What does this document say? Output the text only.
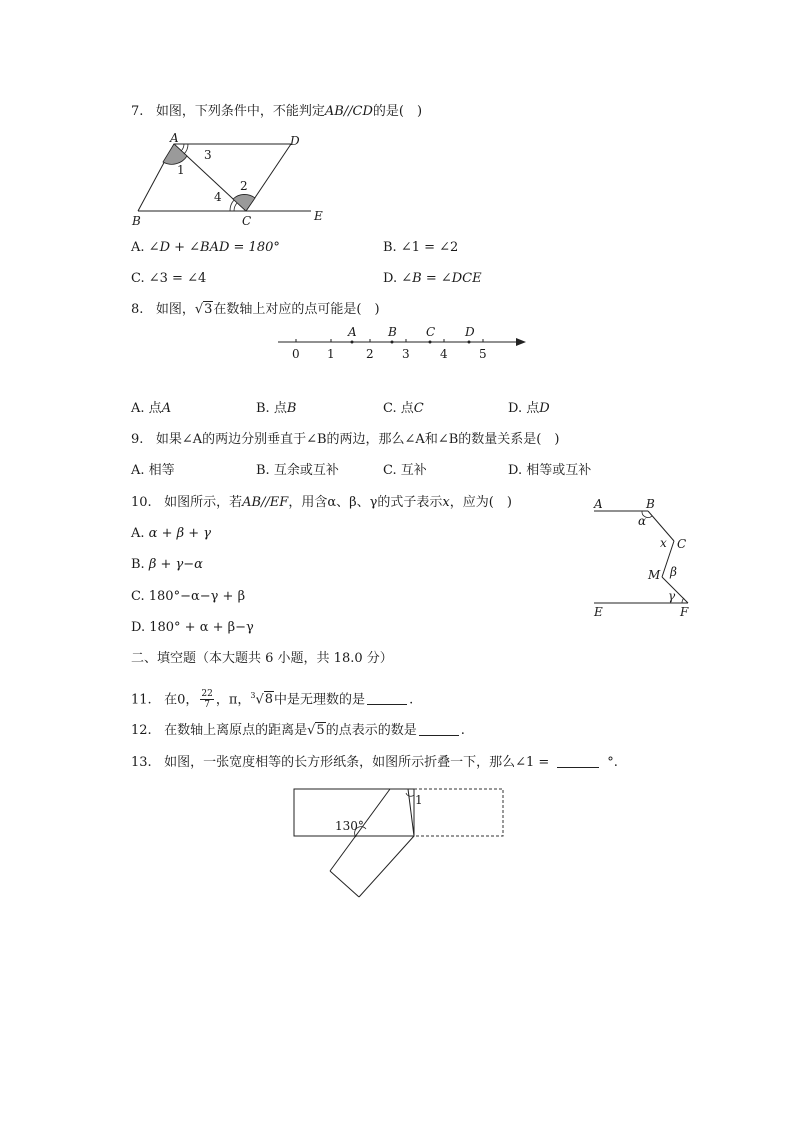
7. 如图，下列条件中，不能判定AB//CD的是(　)
A	D
B	C	E
1
3
2
4
A. ∠D + ∠BAD = 180°	B. ∠1 = ∠2
C. ∠3 = ∠4	D. ∠B = ∠DCE
8. 如图，√3在数轴上对应的点可能是(　)
0 1	2 3	4	5
A	B C D
A. 点A	B. 点B	C. 点C	D. 点D
9. 如果∠A的两边分别垂直于∠B的两边，那么∠A和∠B的数量关系是(　)
A. 相等	B. 互余或互补	C. 互补	D. 相等或互补
10. 如图所示，若AB//EF，用含α、β、γ的式子表示x，应为(　)
A. α + β + γ
B. β + γ−α
C. 180°−α−γ + β
D. 180° + α + β−γ
A	B
α
x C
M β
γ
E	F
二、填空题（本大题共 6 小题，共 18.0 分）
11. 在0， $\frac{22}{7}$ ，π，$^3$√8中是无理数的是	.
12. 在数轴上离原点的距离是√5的点表示的数是	.
13. 如图，一张宽度相等的长方形纸条，如图所示折叠一下，那么∠1 =	°.
130°
1
